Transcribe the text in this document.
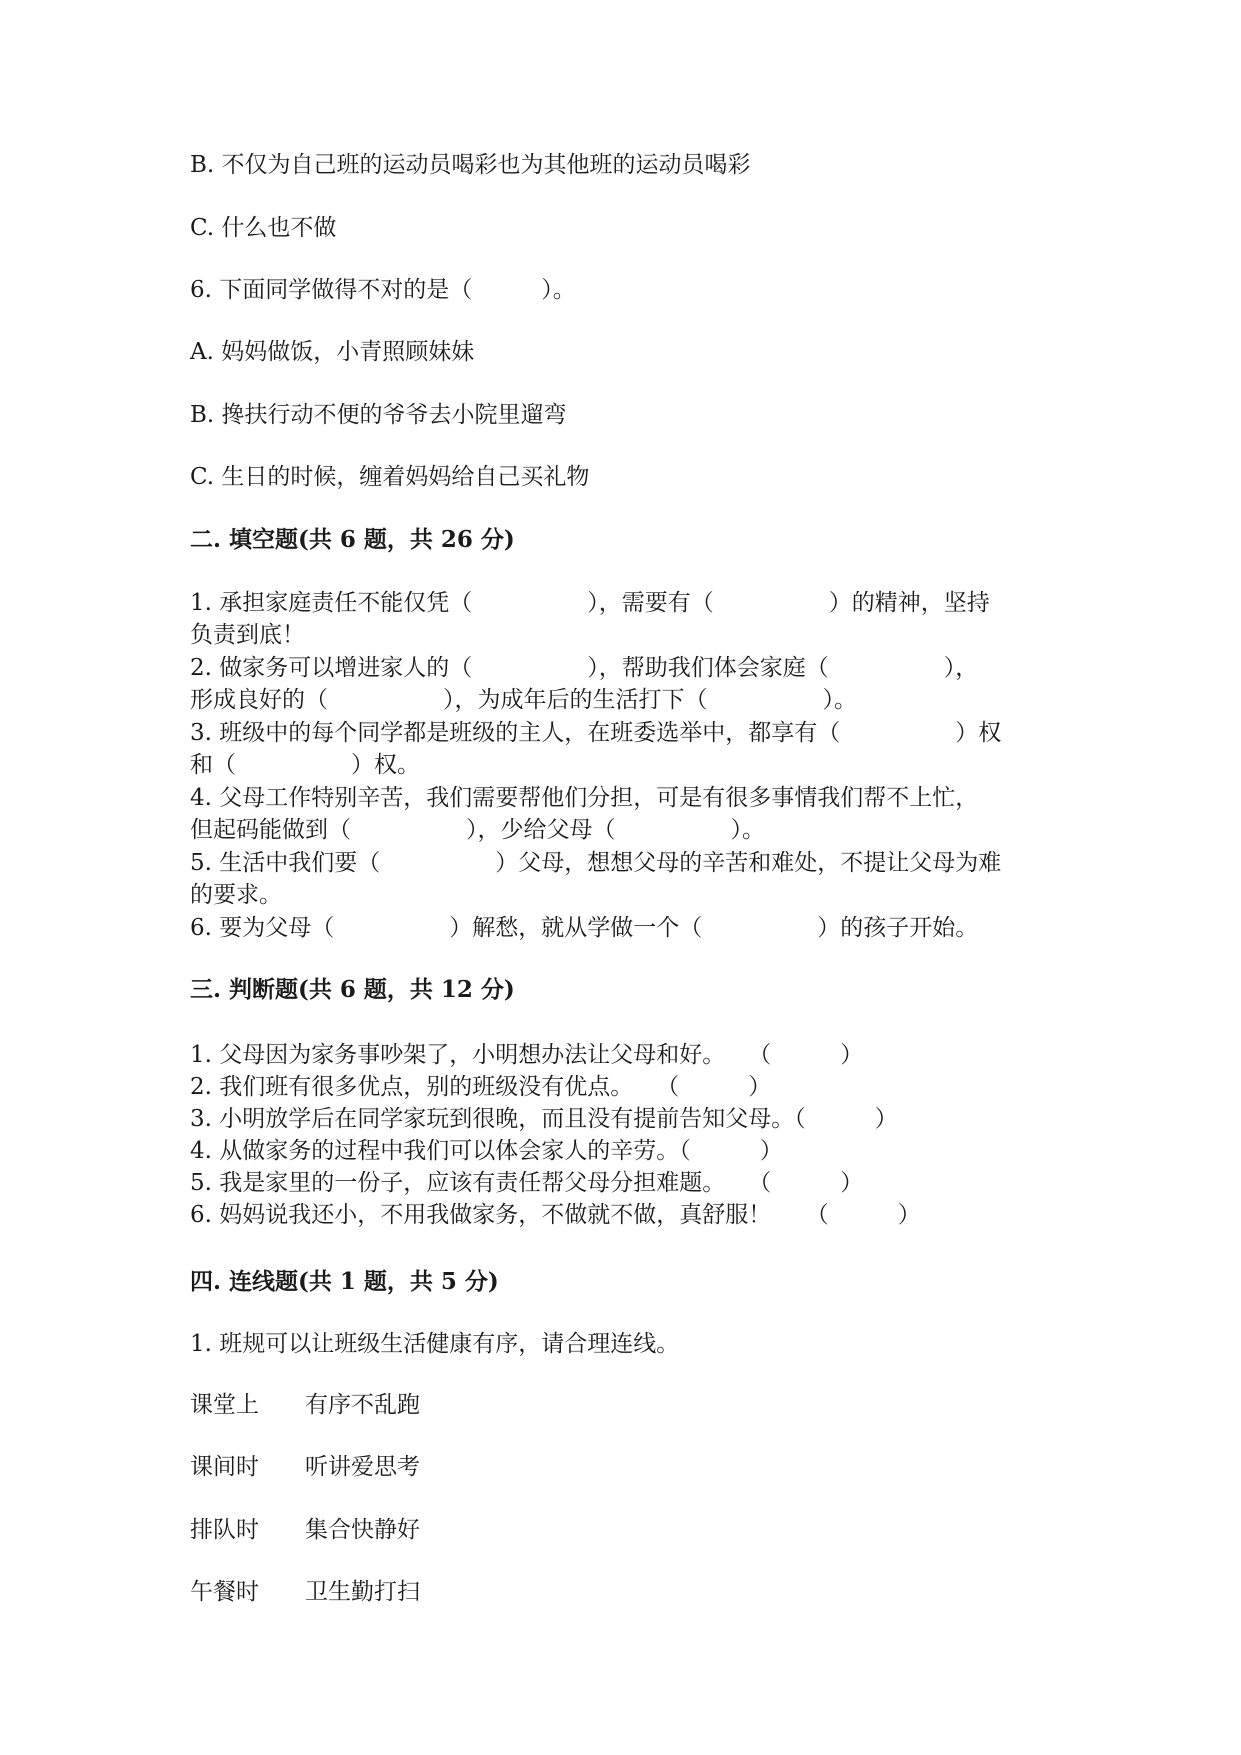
B. 不仅为自己班的运动员喝彩也为其他班的运动员喝彩
C. 什么也不做
6. 下面同学做得不对的是（　　　）。
A. 妈妈做饭，小青照顾妹妹
B. 搀扶行动不便的爷爷去小院里遛弯
C. 生日的时候，缠着妈妈给自己买礼物
二. 填空题(共 6 题，共 26 分)
1. 承担家庭责任不能仅凭（　　　　　），需要有（　　　　　）的精神，坚持
负责到底！
2. 做家务可以增进家人的（　　　　　），帮助我们体会家庭（　　　　　），
形成良好的（　　　　　），为成年后的生活打下（　　　　　）。
3. 班级中的每个同学都是班级的主人，在班委选举中，都享有（　　　　　）权
和（　　　　　）权。
4. 父母工作特别辛苦，我们需要帮他们分担，可是有很多事情我们帮不上忙，
但起码能做到（　　　　　），少给父母（　　　　　）。
5. 生活中我们要（　　　　　）父母，想想父母的辛苦和难处，不提让父母为难
的要求。
6. 要为父母（　　　　　）解愁，就从学做一个（　　　　　）的孩子开始。
三. 判断题(共 6 题，共 12 分)
1. 父母因为家务事吵架了，小明想办法让父母和好。　　（　　　）
2. 我们班有很多优点，别的班级没有优点。　　（　　　）
3. 小明放学后在同学家玩到很晚，而且没有提前告知父母。（　　　）
4. 从做家务的过程中我们可以体会家人的辛劳。（　　　）
5. 我是家里的一份子，应该有责任帮父母分担难题。　　（　　　）
6. 妈妈说我还小，不用我做家务，不做就不做，真舒服！　　（　　　）
四. 连线题(共 1 题，共 5 分)
1. 班规可以让班级生活健康有序，请合理连线。
课堂上 有序不乱跑
课间时 听讲爱思考
排队时 集合快静好
午餐时 卫生勤打扫
